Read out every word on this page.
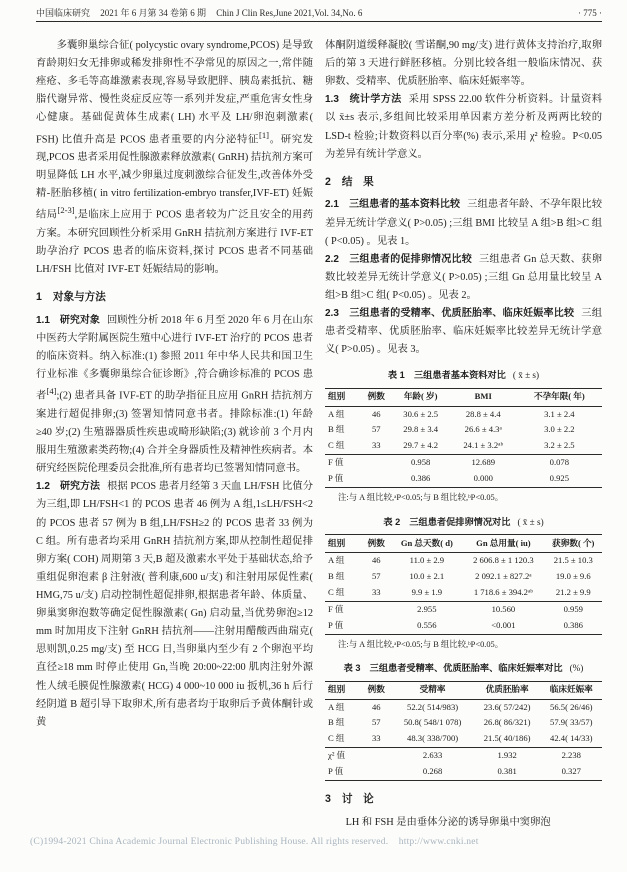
中国临床研究 2021 年 6 月第 34 卷第 6 期 Chin J Clin Res,June 2021,Vol. 34,No. 6	· 775 ·

多囊卵巢综合征( polycystic ovary syndrome,PCOS) 是导致育龄期妇女无排卵或稀发排卵性不孕常见的原因之一,常伴随痤疮、多毛等高雄激素表现,容易导致肥胖、胰岛素抵抗、糖脂代谢异常、慢性炎症反应等一系列并发症,严重危害女性身心健康。基础促黄体生成素( LH) 水平及 LH/卵泡刺激素( FSH) 比值升高是 PCOS 患者重要的内分泌特征[1]。研究发现,PCOS 患者采用促性腺激素释放激素( GnRH) 拮抗剂方案可明显降低 LH 水平,减少卵巢过度刺激综合征发生,改善体外受精-胚胎移植( in vitro fertilization-embryo transfer,IVF-ET) 妊娠结局[2-3],是临床上应用于 PCOS 患者较为广泛且安全的用药方案。本研究回顾性分析采用 GnRH 拮抗剂方案进行 IVF-ET 助孕治疗 PCOS 患者的临床资料,探讨 PCOS 患者不同基础 LH/FSH 比值对 IVF-ET 妊娠结局的影响。

1 对象与方法

1.1　研究对象 回顾性分析 2018 年 6 月至 2020 年 6 月在山东中医药大学附属医院生殖中心进行 IVF-ET 治疗的 PCOS 患者的临床资料。纳入标准:(1) 参照 2011 年中华人民共和国卫生行业标准《多囊卵巢综合征诊断》,符合确诊标准的 PCOS 患者[4];(2) 患者具备 IVF-ET 的助孕指征且应用 GnRH 拮抗剂方案进行超促排卵;(3) 签署知情同意书者。排除标准:(1) 年龄≥40 岁;(2) 生殖器器质性疾患或畸形缺陷;(3) 就诊前 3 个月内服用生殖激素类药物;(4) 合并全身器质性及精神性疾病者。本研究经医院伦理委员会批准,所有患者均已签署知情同意书。

1.2　研究方法 根据 PCOS 患者月经第 3 天血 LH/FSH 比值分为三组,即 LH/FSH<1 的 PCOS 患者 46 例为 A 组,1≤LH/FSH<2 的 PCOS 患者 57 例为 B 组,LH/FSH≥2 的 PCOS 患者 33 例为 C 组。所有患者均采用 GnRH 拮抗剂方案,即从控制性超促排卵方案( COH) 周期第 3 天,B 超及激素水平处于基础状态,给予重组促卵泡素 β 注射液( 普利康,600 u/支) 和注射用尿促性素( HMG,75 u/支) 启动控制性超促排卵,根据患者年龄、体质量、卵巢窦卵泡数等确定促性腺激素( Gn) 启动量,当优势卵泡≥12 mm 时加用皮下注射 GnRH 拮抗剂——注射用醋酸西曲瑞克( 思则凯,0.25 mg/支) 至 HCG 日,当卵巢内至少有 2 个卵泡平均直径≥18 mm 时停止使用 Gn,当晚 20:00~22:00 肌肉注射外源性人绒毛膜促性腺激素( HCG) 4 000~10 000 iu 扳机,36 h 后行经阴道 B 超引导下取卵术,所有患者均于取卵后予黄体酮针或黄

体酮阴道缓释凝胶( 雪诺酮,90 mg/支) 进行黄体支持治疗,取卵后的第 3 天进行鲜胚移植。分别比较各组一般临床情况、获卵数、受精率、优质胚胎率、临床妊娠率等。

1.3　统计学方法 采用 SPSS 22.00 软件分析资料。计量资料以 x̄±s 表示,多组间比较采用单因素方差分析及两两比较的 LSD-t 检验;计数资料以百分率(%) 表示,采用 χ² 检验。P<0.05 为差异有统计学意义。

2 结　果

2.1　三组患者的基本资料比较 三组患者年龄、不孕年限比较差异无统计学意义( P>0.05) ;三组 BMI 比较呈 A 组>B 组>C 组( P<0.05) 。见表 1。

2.2　三组患者的促排卵情况比较 三组患者 Gn 总天数、获卵数比较差异无统计学意义( P>0.05) ;三组 Gn 总用量比较呈 A 组>B 组>C 组( P<0.05) 。见表 2。

2.3　三组患者的受精率、优质胚胎率、临床妊娠率比较 三组患者受精率、优质胚胎率、临床妊娠率比较差异无统计学意义( P>0.05) 。见表 3。

表 1　三组患者基本资料对比 ( x̄ ± s)
组别	例数	年龄( 岁)	BMI	不孕年限( 年)
A 组	46	30.6 ± 2.5	28.8 ± 4.4	3.1 ± 2.4
B 组	57	29.8 ± 3.4	26.6 ± 4.3ᵃ	3.0 ± 2.2
C 组	33	29.7 ± 4.2	24.1 ± 3.2ᵃᵇ	3.2 ± 2.5
F 值		0.958	12.689	0.078
P 值		0.386	0.000	0.925
注:与 A 组比较,ᵃP<0.05;与 B 组比较,ᵇP<0.05。
表 2　三组患者促排卵情况对比 ( x̄ ± s)
组别	例数	Gn 总天数( d)	Gn 总用量( iu)	获卵数( 个)
A 组	46	11.0 ± 2.9	2 606.8 ± 1 120.3	21.5 ± 10.3
B 组	57	10.0 ± 2.1	2 092.1 ± 827.2ᵃ	19.0 ± 9.6
C 组	33	9.9 ± 1.9	1 718.6 ± 394.2ᵃᵇ	21.2 ± 9.9
F 值		2.955	10.560	0.959
P 值		0.556	<0.001	0.386
注:与 A 组比较,ᵃP<0.05;与 B 组比较,ᵇP<0.05。
表 3　三组患者受精率、优质胚胎率、临床妊娠率对比 (%)
组别	例数	受精率	优质胚胎率	临床妊娠率
A 组	46	52.2( 514/983)	23.6( 57/242)	56.5( 26/46)
B 组	57	50.8( 548/1 078)	26.8( 86/321)	57.9( 33/57)
C 组	33	48.3( 338/700)	21.5( 40/186)	42.4( 14/33)
χ² 值		2.633	1.932	2.238
P 值		0.268	0.381	0.327
3 讨　论

LH 和 FSH 是由垂体分泌的诱导卵巢中窦卵泡

(C)1994-2021 China Academic Journal Electronic Publishing House. All rights reserved.    http://www.cnki.net
